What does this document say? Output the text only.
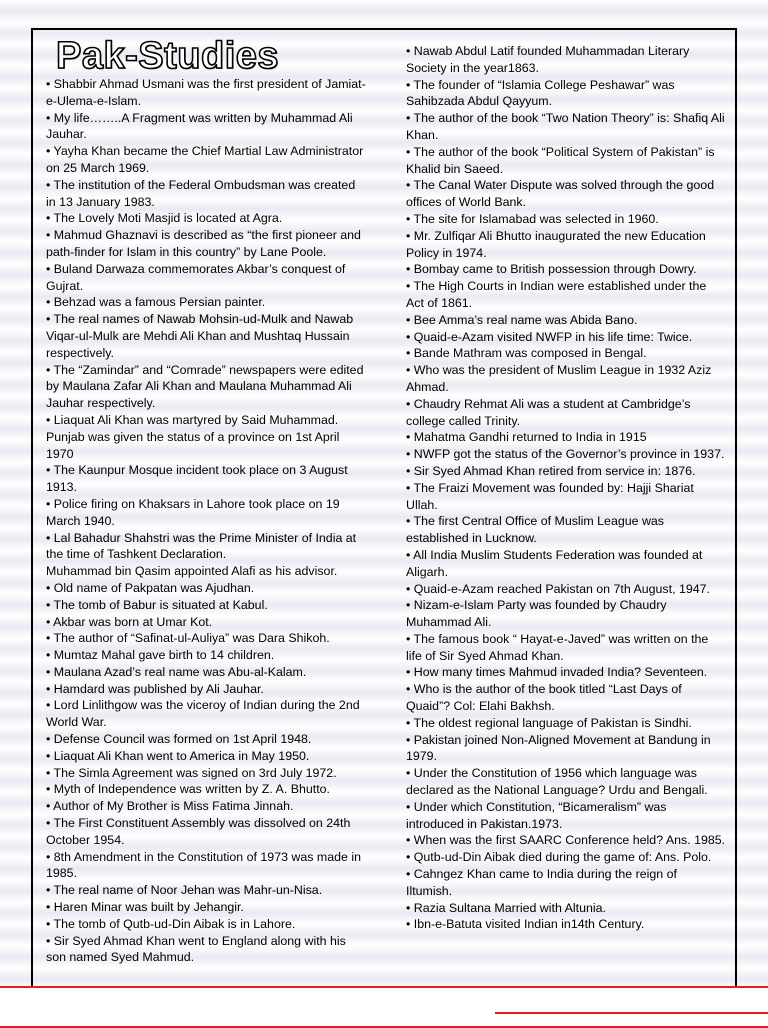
Pak-Studies

• Shabbir Ahmad Usmani was the first president of Jamiat-e-Ulema-e-Islam.

• My life……..A Fragment was written by Muhammad Ali Jauhar.

• Yayha Khan became the Chief Martial Law Administrator on 25 March 1969.

• The institution of the Federal Ombudsman was created in 13 January 1983.

• The Lovely Moti Masjid is located at Agra.

• Mahmud Ghaznavi is described as “the first pioneer and path-finder for Islam in this country” by Lane Poole.

• Buland Darwaza commemorates Akbar’s conquest of Gujrat.

• Behzad was a famous Persian painter.

• The real names of Nawab Mohsin-ud-Mulk and Nawab Viqar-ul-Mulk are Mehdi Ali Khan and Mushtaq Hussain respectively.

• The “Zamindar” and “Comrade” newspapers were edited by Maulana Zafar Ali Khan and Maulana Muhammad Ali Jauhar respectively.

• Liaquat Ali Khan was martyred by Said Muhammad.

Punjab was given the status of a province on 1st April 1970

• The Kaunpur Mosque incident took place on 3 August 1913.

• Police firing on Khaksars in Lahore took place on 19 March 1940.

• Lal Bahadur Shahstri was the Prime Minister of India at the time of Tashkent Declaration.

Muhammad bin Qasim appointed Alafi as his advisor.

• Old name of Pakpatan was Ajudhan.

• The tomb of Babur is situated at Kabul.

• Akbar was born at Umar Kot.

• The author of “Safinat-ul-Auliya” was Dara Shikoh.

• Mumtaz Mahal gave birth to 14 children.

• Maulana Azad’s real name was Abu-al-Kalam.

• Hamdard was published by Ali Jauhar.

• Lord Linlithgow was the viceroy of Indian during the 2nd World War.

• Defense Council was formed on 1st April 1948.

• Liaquat Ali Khan went to America in May 1950.

• The Simla Agreement was signed on 3rd July 1972.

• Myth of Independence was written by Z. A. Bhutto.

• Author of My Brother is Miss Fatima Jinnah.

• The First Constituent Assembly was dissolved on 24th October 1954.

• 8th Amendment in the Constitution of 1973 was made in 1985.

• The real name of Noor Jehan was Mahr-un-Nisa.

• Haren Minar was built by Jehangir.

• The tomb of Qutb-ud-Din Aibak is in Lahore.

• Sir Syed Ahmad Khan went to England along with his son named Syed Mahmud.

• Nawab Abdul Latif founded Muhammadan Literary Society in the year1863.

• The founder of “Islamia College Peshawar” was Sahibzada Abdul Qayyum.

• The author of the book “Two Nation Theory” is: Shafiq Ali Khan.

• The author of the book “Political System of Pakistan” is Khalid bin Saeed.

• The Canal Water Dispute was solved through the good offices of World Bank.

• The site for Islamabad was selected in 1960.

• Mr. Zulfiqar Ali Bhutto inaugurated the new Education Policy in 1974.

• Bombay came to British possession through Dowry.

• The High Courts in Indian were established under the Act of 1861.

• Bee Amma’s real name was Abida Bano.

• Quaid-e-Azam visited NWFP in his life time: Twice.

• Bande Mathram was composed in Bengal.

• Who was the president of Muslim League in 1932 Aziz Ahmad.

• Chaudry Rehmat Ali was a student at Cambridge’s college called Trinity.

• Mahatma Gandhi returned to India in 1915

• NWFP got the status of the Governor’s province in 1937.

• Sir Syed Ahmad Khan retired from service in: 1876.

• The Fraizi Movement was founded by: Hajji Shariat Ullah.

• The first Central Office of Muslim League was established in Lucknow.

• All India Muslim Students Federation was founded at Aligarh.

• Quaid-e-Azam reached Pakistan on 7th August, 1947.

• Nizam-e-Islam Party was founded by Chaudry Muhammad Ali.

• The famous book “ Hayat-e-Javed” was written on the life of Sir Syed Ahmad Khan.

• How many times Mahmud invaded India? Seventeen.

• Who is the author of the book titled “Last Days of Quaid”? Col: Elahi Bakhsh.

• The oldest regional language of Pakistan is Sindhi.

• Pakistan joined Non-Aligned Movement at Bandung in 1979.

• Under the Constitution of 1956 which language was declared as the National Language? Urdu and Bengali.

• Under which Constitution, “Bicameralism” was introduced in Pakistan.1973.

• When was the first SAARC Conference held? Ans. 1985.

• Qutb-ud-Din Aibak died during the game of: Ans. Polo.

• Cahngez Khan came to India during the reign of Iltumish.

• Razia Sultana Married with Altunia.

• Ibn-e-Batuta visited Indian in14th Century.
